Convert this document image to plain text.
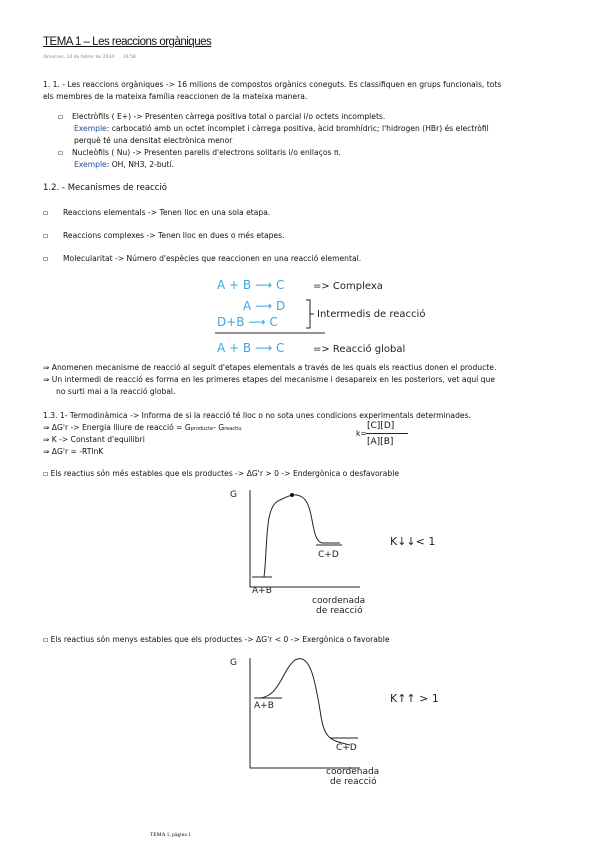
TEMA 1 – Les reaccions orgàniques
dimecres, 14 de febrer de 2024 16:58
1. 1. - Les reaccions orgàniques -> 16 milions de compostos orgànics coneguts. Es classifiquen en grups funcionals, tots
els membres de la mateixa família reaccionen de la mateixa manera.
▫ Electròfils ( E+) -> Presenten càrrega positiva total o parcial i/o octets incomplets.
Exemple: carbocatió amb un octet incomplet i càrrega positiva, àcid bromhídric; l'hidrogen (HBr) és electròfil
perquè té una densitat electrònica menor
▫ Nucleòfils ( Nu) -> Presenten parells d'electrons solitaris i/o enllaços π.
Exemple: OH, NH3, 2-butí.
1.2. - Mecanismes de reacció
▫ Reaccions elementals -> Tenen lloc en una sola etapa.
▫ Reaccions complexes -> Tenen lloc en dues o més etapes.
▫ Molecularitat -> Número d'espècies que reaccionen en una reacció elemental.
A + B ⟶ C
A ⟶ D
D+B ⟶ C
A + B ⟶ C
=> Complexa
Intermedis de reacció
=> Reacció global
⇒ Anomenen mecanisme de reacció al seguit d'etapes elementals a través de les quals els reactius donen el producte.
⇒ Un intermedi de reacció es forma en les primeres etapes del mecanisme i desapareix en les posteriors, vet aquí que
no surti mai a la reacció global.
1.3. 1- Termodinàmica -> Informa de si la reacció té lloc o no sota unes condicions experimentals determinades.
⇒ ΔG'r -> Energia lliure de reacció = Gproducte- Greactiu
⇒ K -> Constant d'equilibri
⇒ ΔG'r = -RTlnK
k=
[C][D]
[A][B]
▫ Els reactius són més estables que els productes -> ΔG'r > 0 -> Endergònica o desfavorable
G
A+B
C+D
coordenada
de reacció
K↓↓< 1
▫ Els reactius són menys estables que els productes -> ΔG'r < 0 -> Exergònica o favorable
G
A+B
C+D
coordenada
de reacció
K↑↑ > 1
TEMA 1, pàgina 1
